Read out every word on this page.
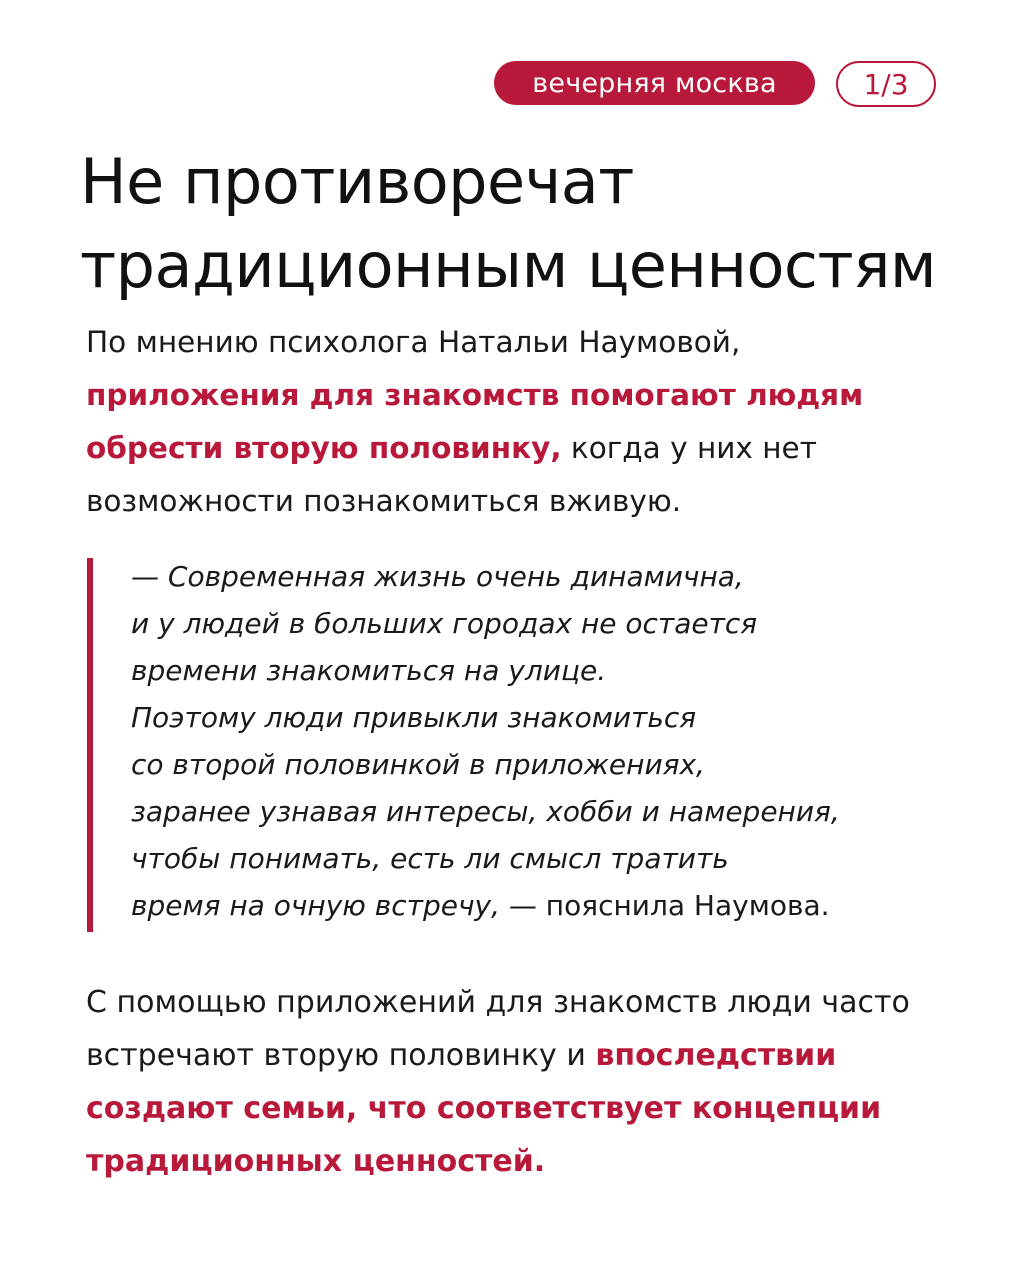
вечерняя москва	1/3
Не противоречат
традиционным ценностям

По мнению психолога Натальи Наумовой,
приложения для знакомств помогают людям
обрести вторую половинку, когда у них нет
возможности познакомиться вживую.

— Современная жизнь очень динамична,
и у людей в больших городах не остается
времени знакомиться на улице.
Поэтому люди привыкли знакомиться
со второй половинкой в приложениях,
заранее узнавая интересы, хобби и намерения,
чтобы понимать, есть ли смысл тратить
время на очную встречу, — пояснила Наумова.

С помощью приложений для знакомств люди часто
встречают вторую половинку и впоследствии
создают семьи, что соответствует концепции
традиционных ценностей.
